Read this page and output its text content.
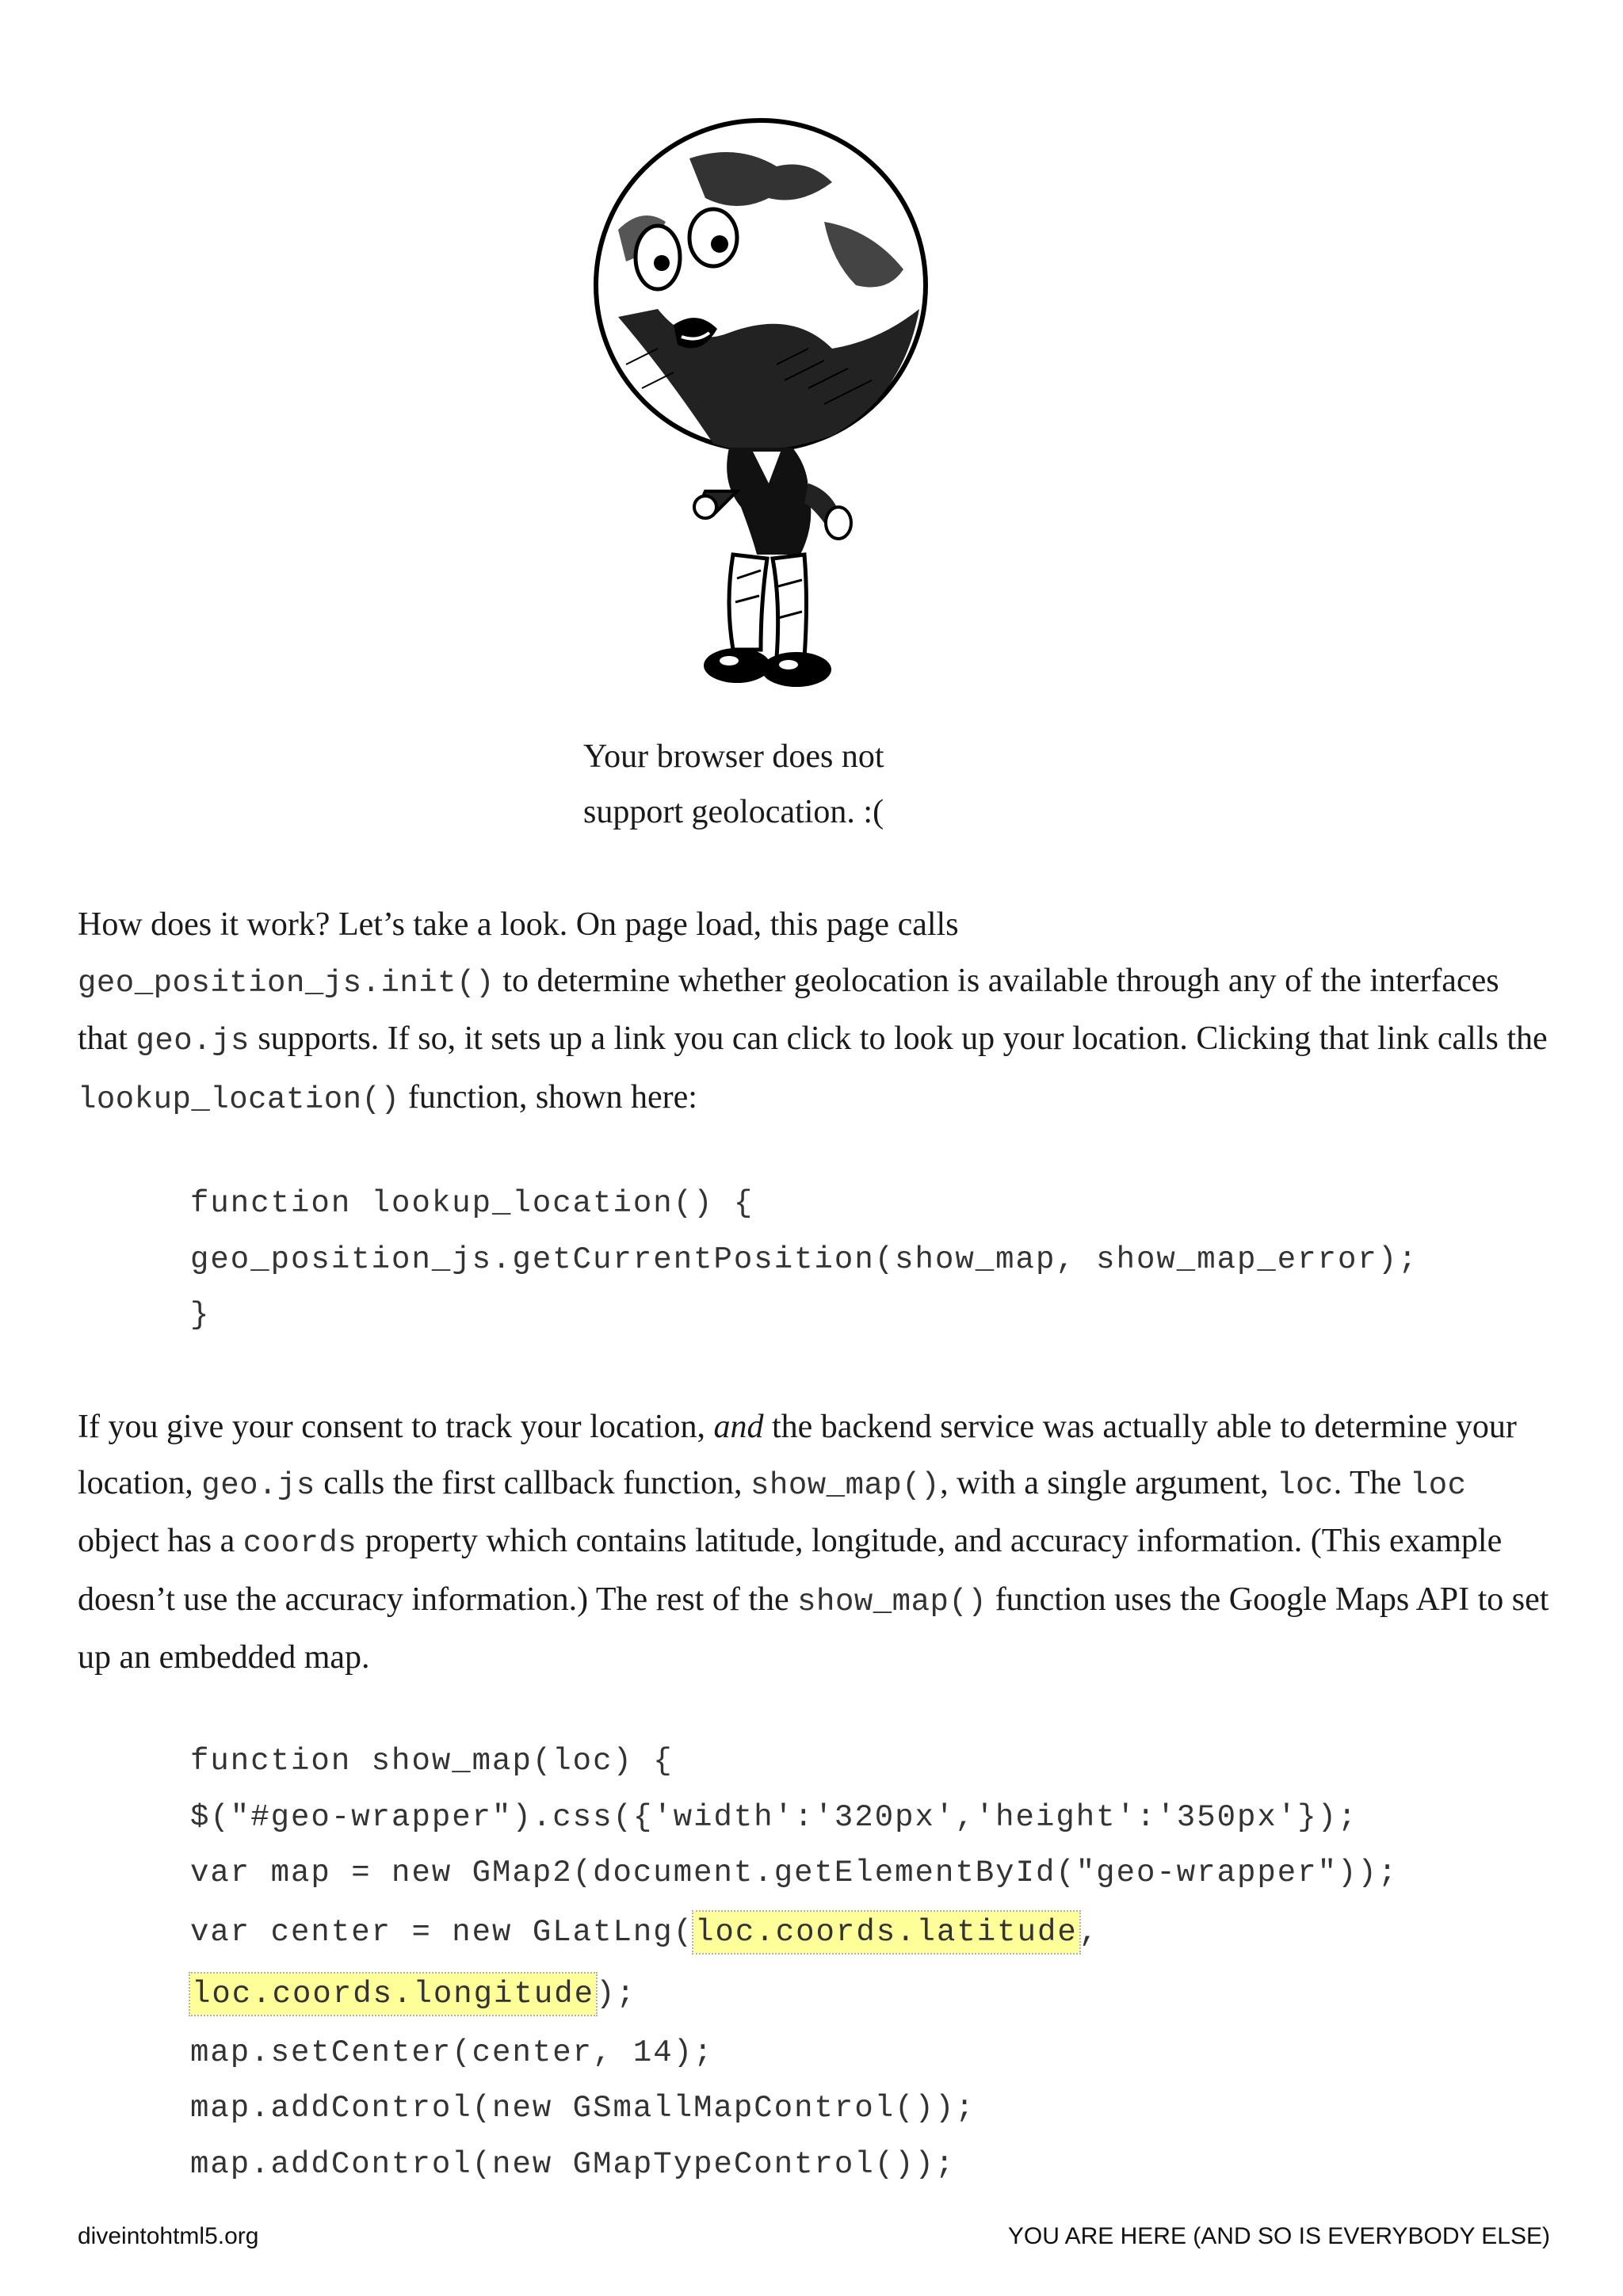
Your browser does not
support geolocation. :(

How does it work? Let’s take a look. On page load, this page calls
geo_position_js.init() to determine whether geolocation is available through any of the interfaces that geo.js supports. If so, it sets up a link you can click to look up your location. Clicking that link calls the lookup_location() function, shown here:

function lookup_location() {
geo_position_js.getCurrentPosition(show_map, show_map_error);
}

If you give your consent to track your location, and the backend service was actually able to determine your location, geo.js calls the first callback function, show_map(), with a single argument, loc. The loc object has a coords property which contains latitude, longitude, and accuracy information. (This example doesn’t use the accuracy information.) The rest of the show_map() function uses the Google Maps API to set up an embedded map.

function show_map(loc) {
$("#geo-wrapper").css({'width':'320px','height':'350px'});
var map = new GMap2(document.getElementById("geo-wrapper"));
var center = new GLatLng(loc.coords.latitude,
loc.coords.longitude);
map.setCenter(center, 14);
map.addControl(new GSmallMapControl());
map.addControl(new GMapTypeControl());
diveintohtml5.org	YOU ARE HERE (AND SO IS EVERYBODY ELSE)
